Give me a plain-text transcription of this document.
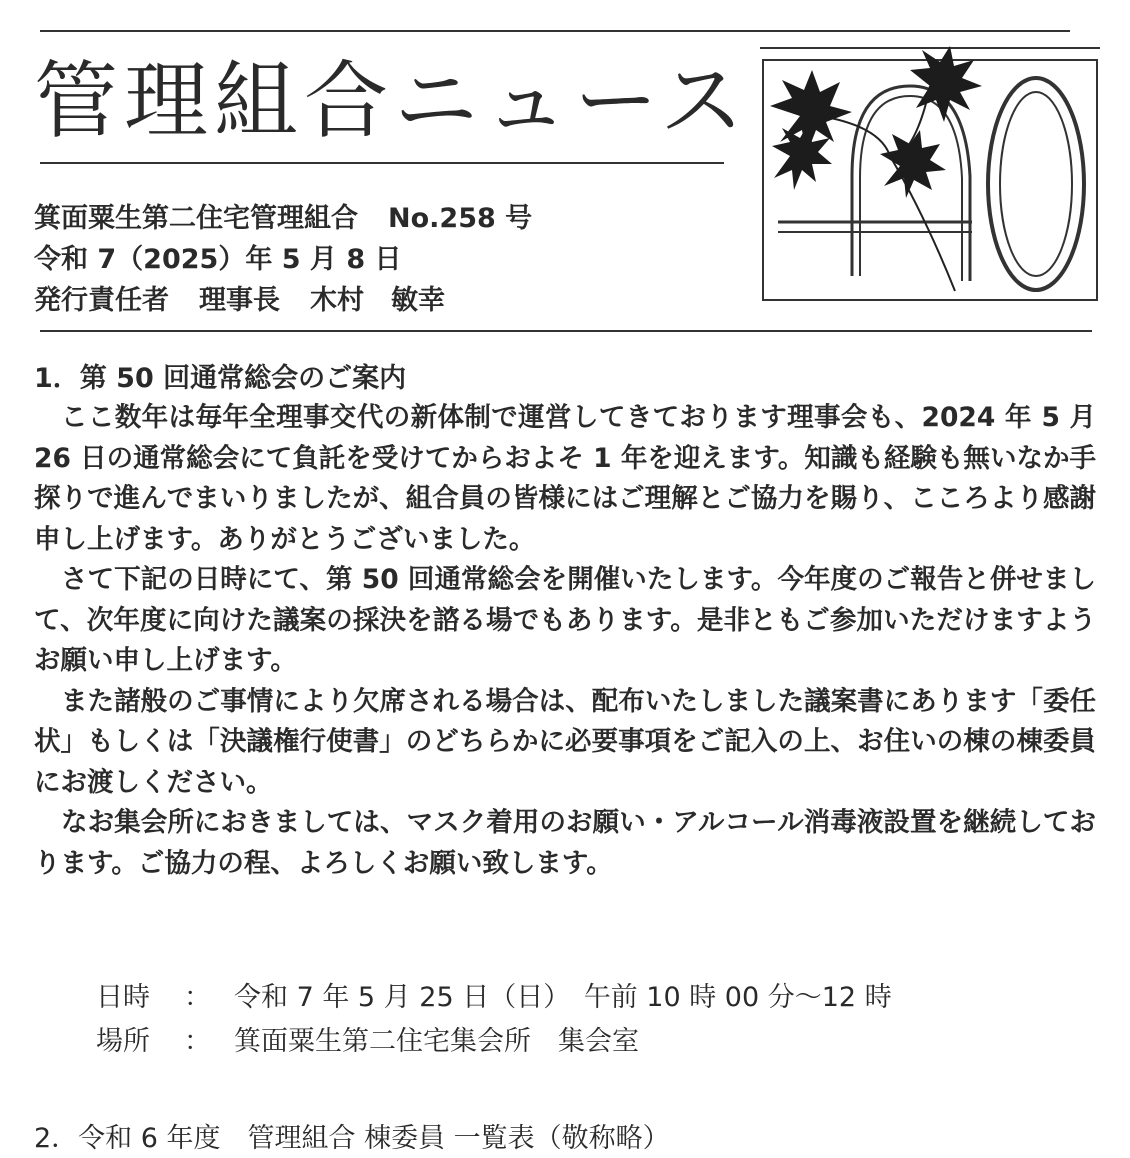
管理組合ニュース
箕面粟生第二住宅管理組合 No.258 号
令和 7（2025）年 5 月 8 日
発行責任者 理事長 木村　敏幸
1．第 50 回通常総会のご案内

ここ数年は毎年全理事交代の新体制で運営してきております理事会も、2024 年 5 月 26 日の通常総会にて負託を受けてからおよそ 1 年を迎えます。知識も経験も無いなか手探りで進んでまいりましたが、組合員の皆様にはご理解とご協力を賜り、こころより感謝申し上げます。ありがとうございました。

さて下記の日時にて、第 50 回通常総会を開催いたします。今年度のご報告と併せまして、次年度に向けた議案の採決を諮る場でもあります。是非ともご参加いただけますようお願い申し上げます。

また諸般のご事情により欠席される場合は、配布いたしました議案書にあります「委任状」もしくは「決議権行使書」のどちらかに必要事項をご記入の上、お住いの棟の棟委員にお渡しください。

なお集会所におきましては、マスク着用のお願い・アルコール消毒液設置を継続しております。ご協力の程、よろしくお願い致します。

日時 ： 令和 7 年 5 月 25 日（日）　午前 10 時 00 分～12 時
場所 ： 箕面粟生第二住宅集会所　集会室
2．令和 6 年度　管理組合 棟委員 一覧表（敬称略）
